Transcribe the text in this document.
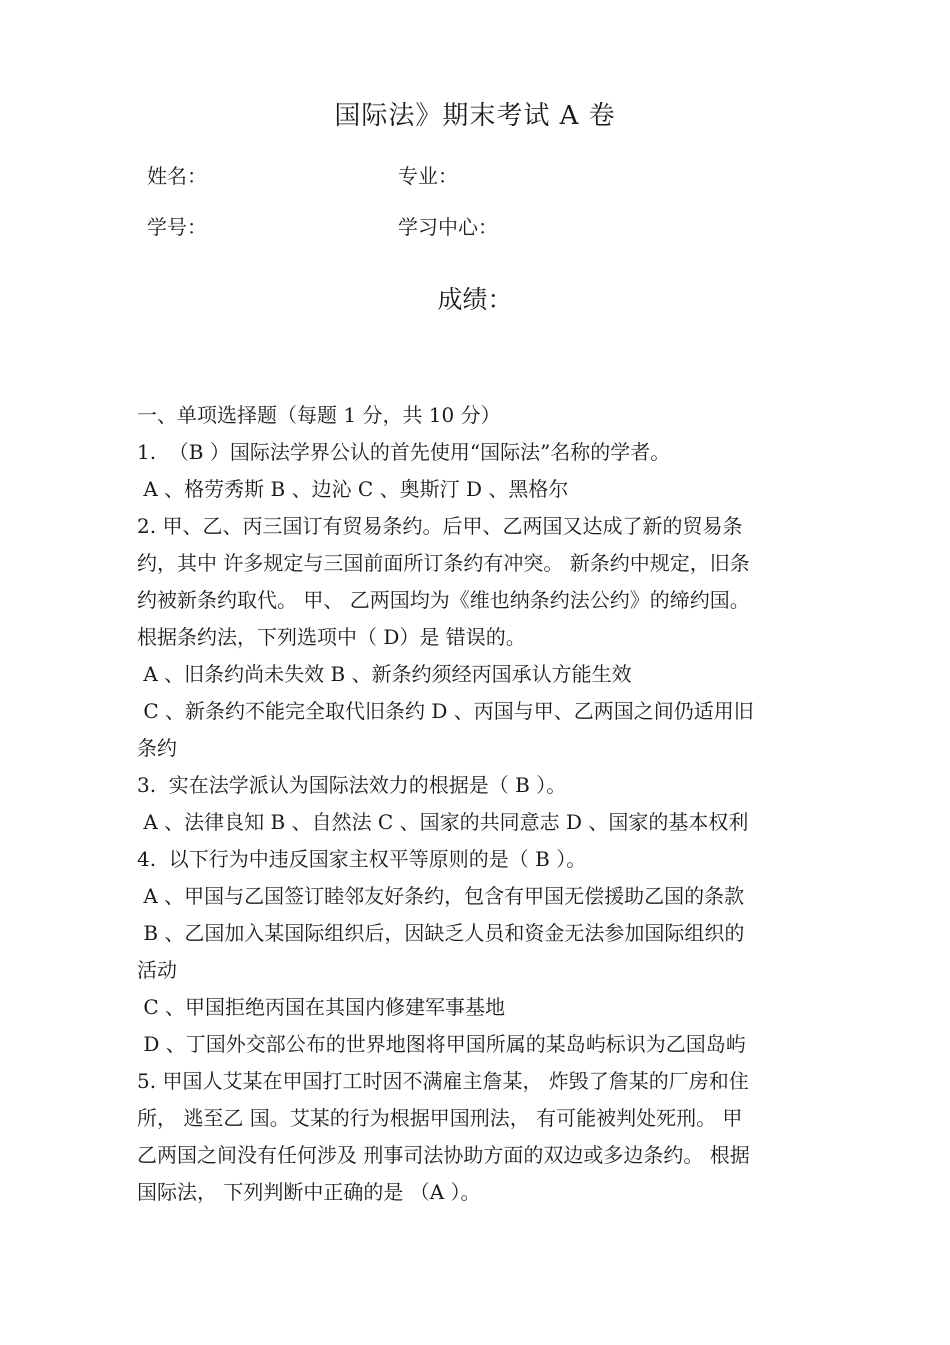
国际法》期末考试 A 卷
姓名：	专业：
学号：	学习中心：
成绩：
一、单项选择题（每题 1 分，共 10 分）
1.  （B ）国际法学界公认的首先使用“国际法”名称的学者。
A 、格劳秀斯 B 、边沁 C 、奥斯汀 D 、黑格尔
2. 甲、乙、丙三国订有贸易条约。后甲、乙两国又达成了新的贸易条
约，其中 许多规定与三国前面所订条约有冲突。 新条约中规定，旧条
约被新条约取代。 甲、 乙两国均为《维也纳条约法公约》的缔约国。
根据条约法，下列选项中（ D）是 错误的。
A 、旧条约尚未失效 B 、新条约须经丙国承认方能生效
C 、新条约不能完全取代旧条约 D 、丙国与甲、乙两国之间仍适用旧
条约
3.  实在法学派认为国际法效力的根据是（ B ）。
A 、法律良知 B 、自然法 C 、国家的共同意志 D 、国家的基本权利
4.  以下行为中违反国家主权平等原则的是（ B ）。
A 、甲国与乙国签订睦邻友好条约，包含有甲国无偿援助乙国的条款
B 、乙国加入某国际组织后，因缺乏人员和资金无法参加国际组织的
活动
C 、甲国拒绝丙国在其国内修建军事基地
D 、丁国外交部公布的世界地图将甲国所属的某岛屿标识为乙国岛屿
5. 甲国人艾某在甲国打工时因不满雇主詹某， 炸毁了詹某的厂房和住
所， 逃至乙 国。艾某的行为根据甲国刑法， 有可能被判处死刑。 甲
乙两国之间没有任何涉及 刑事司法协助方面的双边或多边条约。 根据
国际法， 下列判断中正确的是 （A ）。
